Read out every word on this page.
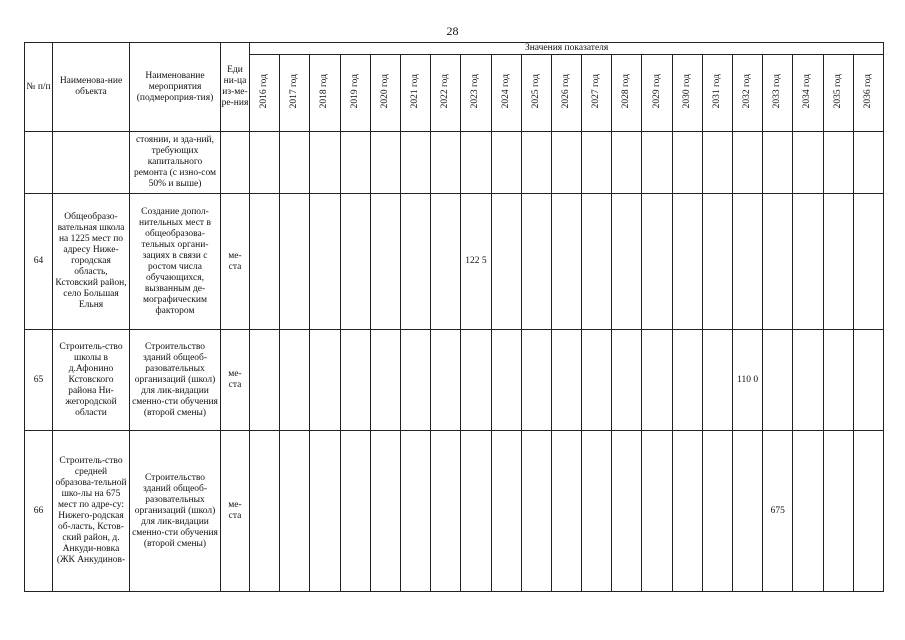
28
№ п/п	Наименова-ние объекта	Наименование мероприятия (подмероприя-тия)	Еди ни-ца из-ме-ре-ния	Значения показателя																				
				2016 год	2017 год	2018 год	2019 год	2020 год	2021 год	2022 год	2023 год	2024 год	2025 год	2026 год	2027 год	2028 год	2029 год	2030 год	2031 год	2032 год	2033 год	2034 год	2035 год	2036 год

		стоянии, и зда-ний, требующих капитального ремонта (с изно-сом 50% и выше)																						

64	Общеобразо-вательная школа на 1225 мест по адресу Ниже-городская область, Кстовский район, село Большая Ельня	Создание допол-нительных мест в общеобразова-тельных органи-зациях в связи с ростом числа обучающихся, вызванным де-мографическим фактором	ме-ста								122 5													

65	Строитель-ство школы в д.Афонино Кстовского района Ни-жегородской области	Строительство зданий общеоб-разовательных организаций (школ) для лик-видации сменно-сти обучения (второй смены)	ме-ста																	110 0				

66	Строитель-ство средней образова-тельной шко-лы на 675 мест по адре-су: Нижего-родская об-ласть, Кстов-ский район, д. Анкуди-новка (ЖК Анкудинов-	Строительство зданий общеоб-разовательных организаций (школ) для лик-видации сменно-сти обучения (второй смены)	ме-ста																		675			
